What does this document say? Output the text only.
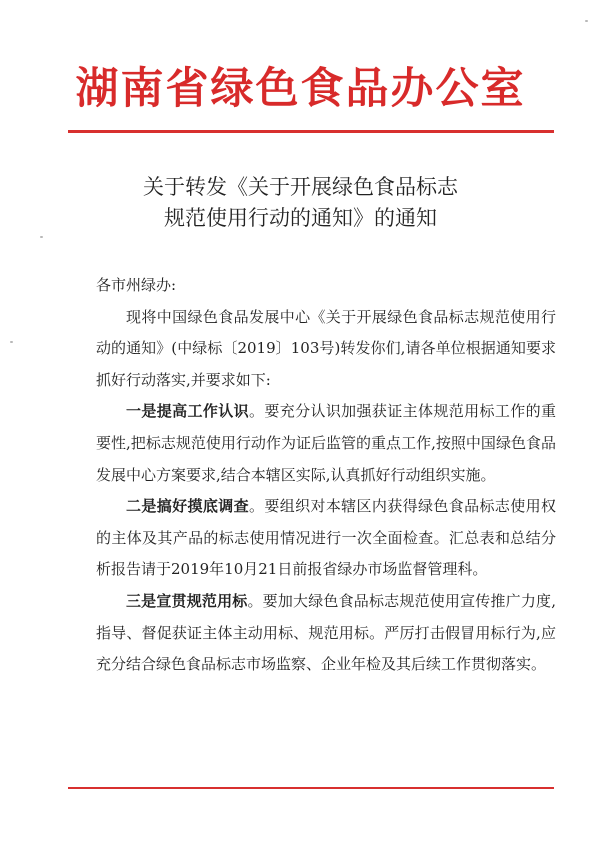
湖南省绿色食品办公室
关于转发《关于开展绿色食品标志
规范使用行动的通知》的通知

各市州绿办:

现将中国绿色食品发展中心《关于开展绿色食品标志规范使用行动的通知》(中绿标〔2019〕103号)转发你们,请各单位根据通知要求抓好行动落实,并要求如下:

一是提高工作认识。要充分认识加强获证主体规范用标工作的重要性,把标志规范使用行动作为证后监管的重点工作,按照中国绿色食品发展中心方案要求,结合本辖区实际,认真抓好行动组织实施。

二是搞好摸底调查。要组织对本辖区内获得绿色食品标志使用权的主体及其产品的标志使用情况进行一次全面检查。汇总表和总结分析报告请于2019年10月21日前报省绿办市场监督管理科。

三是宣贯规范用标。要加大绿色食品标志规范使用宣传推广力度,指导、督促获证主体主动用标、规范用标。严厉打击假冒用标行为,应充分结合绿色食品标志市场监察、企业年检及其后续工作贯彻落实。
